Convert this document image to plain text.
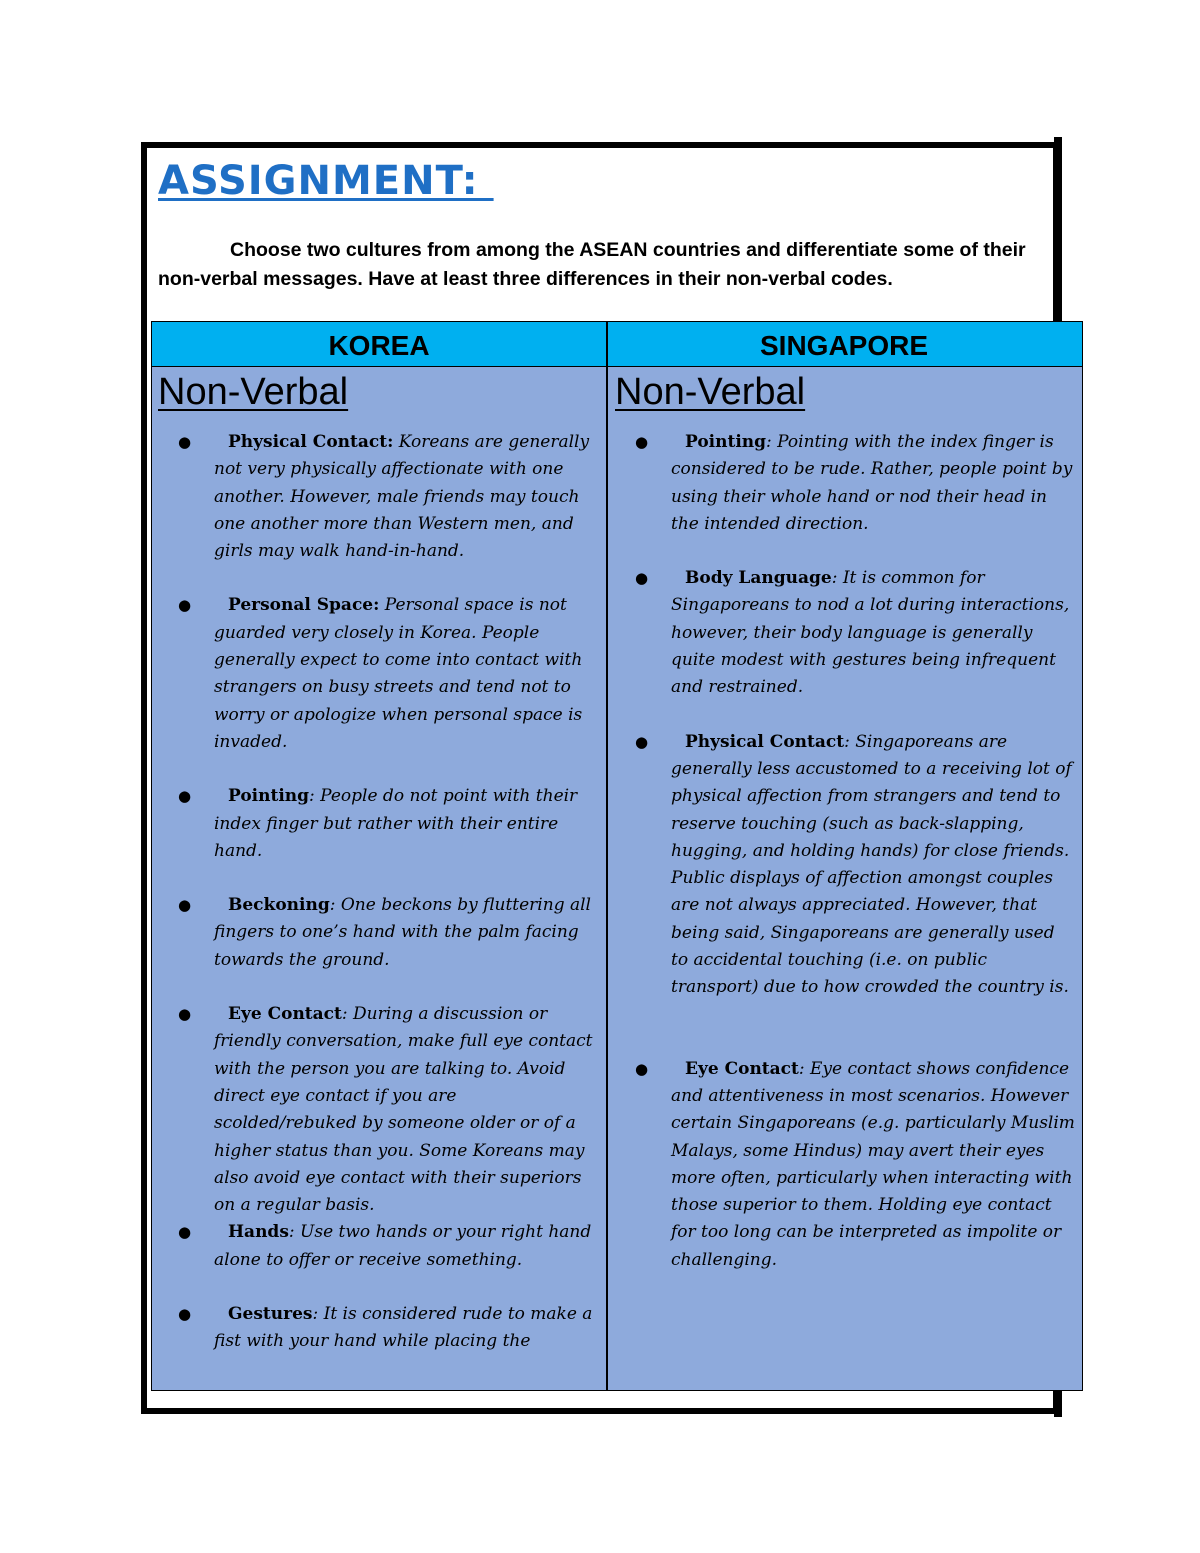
ASSIGNMENT:

Choose two cultures from among the ASEAN countries and differentiate some of their non-verbal messages. Have at least three differences in their non-verbal codes.

KOREA	SINGAPORE
Non-Verbal
● Physical Contact: Koreans are generally not very physically affectionate with one another. However, male friends may touch one another more than Western men, and girls may walk hand-in-hand.
● Personal Space: Personal space is not guarded very closely in Korea. People generally expect to come into contact with strangers on busy streets and tend not to worry or apologize when personal space is invaded.
● Pointing: People do not point with their index finger but rather with their entire hand.
● Beckoning: One beckons by fluttering all fingers to one’s hand with the palm facing towards the ground.
● Eye Contact: During a discussion or friendly conversation, make full eye contact with the person you are talking to. Avoid direct eye contact if you are scolded/rebuked by someone older or of a higher status than you. Some Koreans may also avoid eye contact with their superiors on a regular basis.
● Hands: Use two hands or your right hand alone to offer or receive something.
● Gestures: It is considered rude to make a fist with your hand while placing the
Non-Verbal
● Pointing: Pointing with the index finger is considered to be rude. Rather, people point by using their whole hand or nod their head in the intended direction.
● Body Language: It is common for Singaporeans to nod a lot during interactions, however, their body language is generally quite modest with gestures being infrequent and restrained.
● Physical Contact: Singaporeans are generally less accustomed to a receiving lot of physical affection from strangers and tend to reserve touching (such as back-slapping, hugging, and holding hands) for close friends. Public displays of affection amongst couples are not always appreciated. However, that being said, Singaporeans are generally used to accidental touching (i.e. on public transport) due to how crowded the country is.
● Eye Contact: Eye contact shows confidence and attentiveness in most scenarios. However certain Singaporeans (e.g. particularly Muslim Malays, some Hindus) may avert their eyes more often, particularly when interacting with those superior to them. Holding eye contact for too long can be interpreted as impolite or challenging.
